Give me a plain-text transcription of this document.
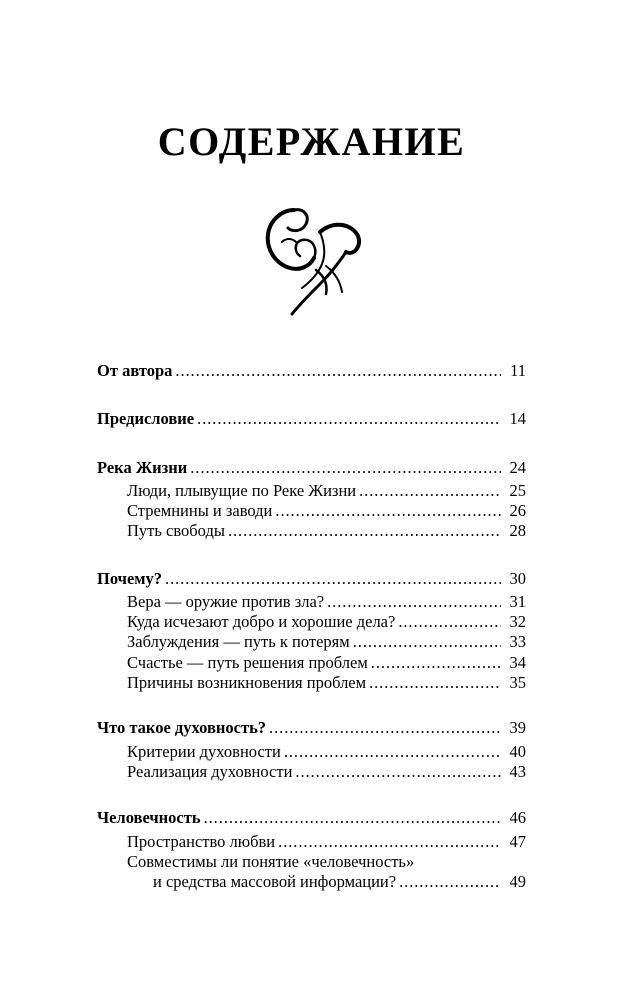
СОДЕРЖАНИЕ
От автора . . .	11
Предисловие . . .	14
Река Жизни . . .	24
Люди, плывущие по Реке Жизни . . .	25
Стремнины и заводи . . .	26
Путь свободы . . .	28
Почему? . . .	30
Вера — оружие против зла? . . .	31
Куда исчезают добро и хорошие дела? . . .	32
Заблуждения — путь к потерям . . .	33
Счастье — путь решения проблем . . .	34
Причины возникновения проблем . . .	35
Что такое духовность? . . .	39
Критерии духовности . . .	40
Реализация духовности . . .	43
Человечность . . .	46
Пространство любви . . .	47
Совместимы ли понятие «человечность»
и средства массовой информации? . . .	49
